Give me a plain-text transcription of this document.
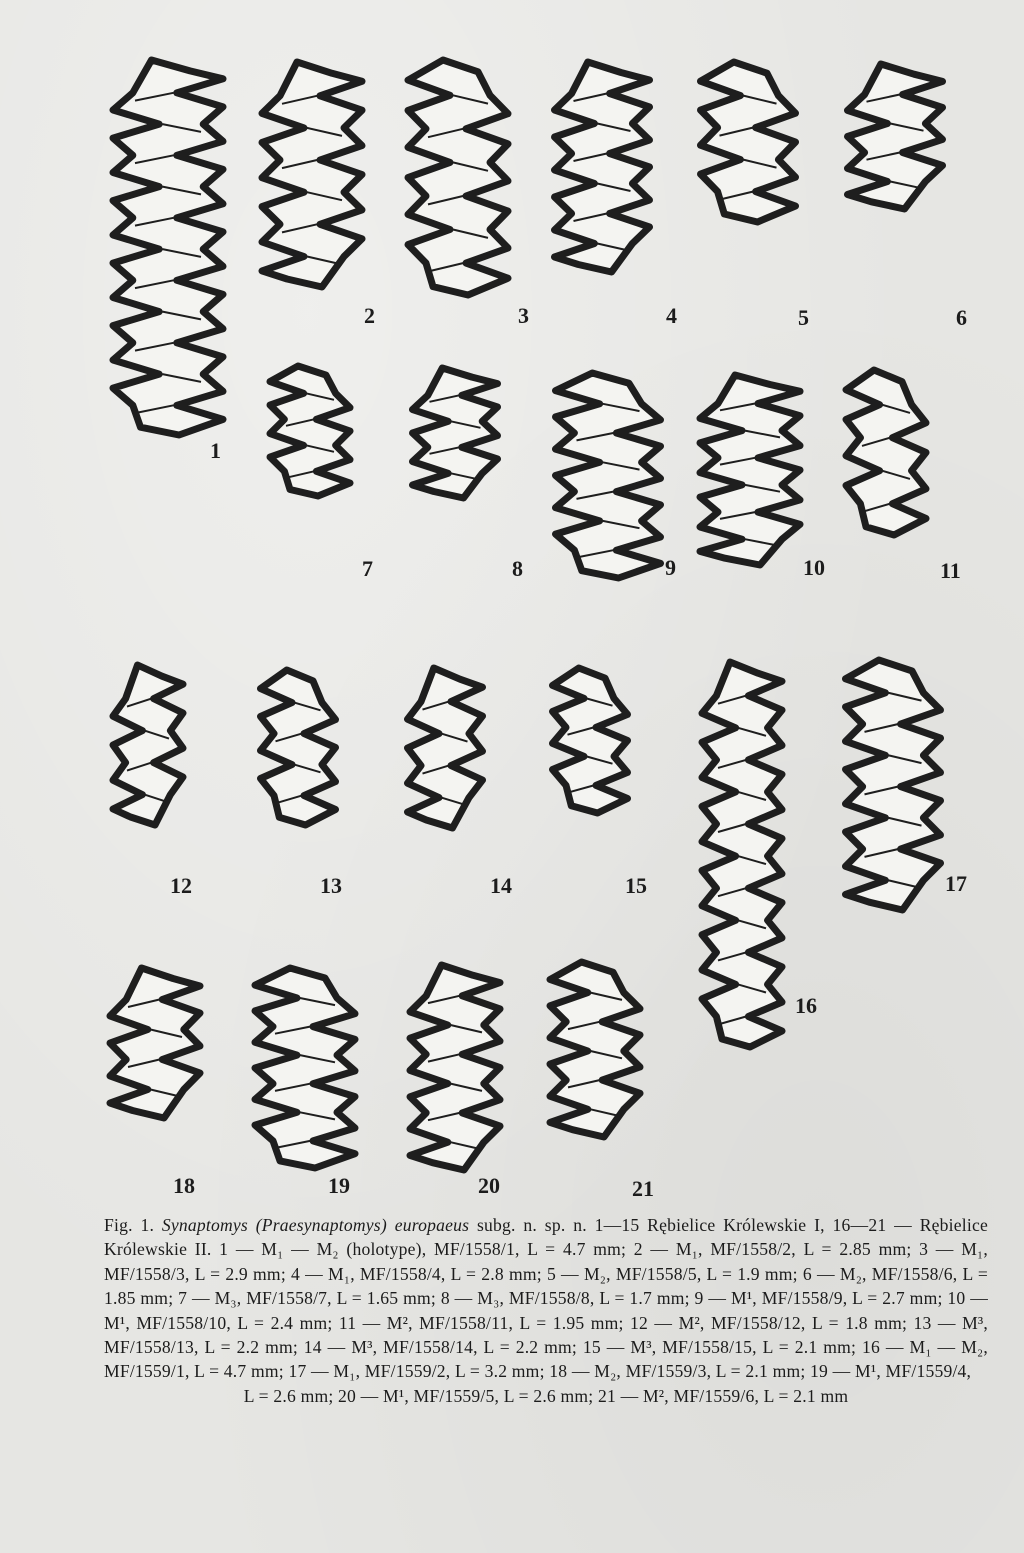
1
2	3	4	5	6
7	8	9	10	11
12	13	14	15
16
17
18	19	20	21
Fig. 1. Synaptomys (Praesynaptomys) europaeus subg. n. sp. n. 1—15 Rębielice Królewskie I, 16—21 — Rębielice Królewskie II. 1 — M₁ — M₂ (holotype), MF/1558/1, L = 4.7 mm; 2 — M₁, MF/1558/2, L = 2.85 mm; 3 — M₁, MF/1558/3, L = 2.9 mm; 4 — M₁, MF/1558/4, L = 2.8 mm; 5 — M₂, MF/1558/5, L = 1.9 mm; 6 — M₂, MF/1558/6, L = 1.85 mm; 7 — M₃, MF/1558/7, L = 1.65 mm; 8 — M₃, MF/1558/8, L = 1.7 mm; 9 — M¹, MF/1558/9, L = 2.7 mm; 10 — M¹, MF/1558/10, L = 2.4 mm; 11 — M², MF/1558/11, L = 1.95 mm; 12 — M², MF/1558/12, L = 1.8 mm; 13 — M³, MF/1558/13, L = 2.2 mm; 14 — M³, MF/1558/14, L = 2.2 mm; 15 — M³, MF/1558/15, L = 2.1 mm; 16 — M₁ — M₂, MF/1559/1, L = 4.7 mm; 17 — M₁, MF/1559/2, L = 3.2 mm; 18 — M₂, MF/1559/3, L = 2.1 mm; 19 — M¹, MF/1559/4,
L = 2.6 mm; 20 — M¹, MF/1559/5, L = 2.6 mm; 21 — M², MF/1559/6, L = 2.1 mm
